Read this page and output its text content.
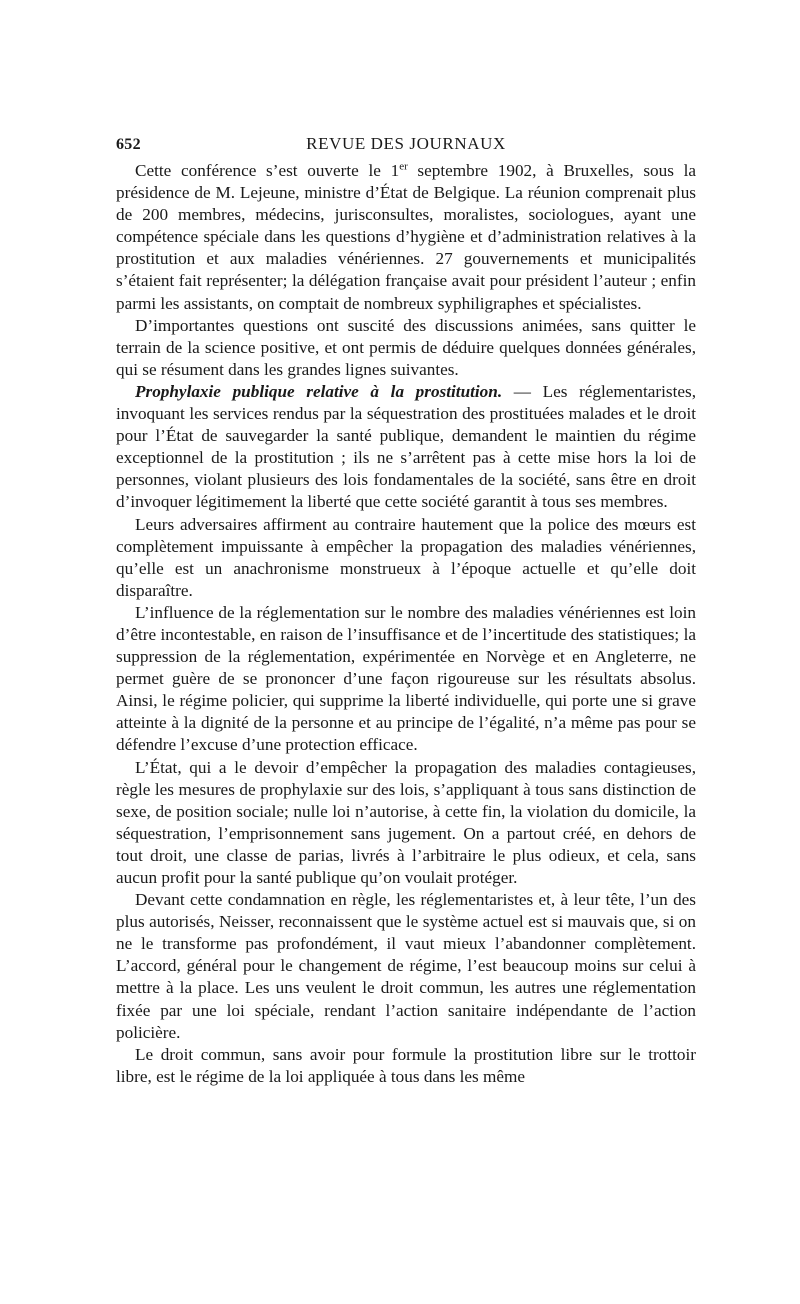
652	REVUE DES JOURNAUX

Cette conférence s’est ouverte le 1er septembre 1902, à Bruxelles, sous la présidence de M. Lejeune, ministre d’État de Belgique. La réunion comprenait plus de 200 membres, médecins, jurisconsultes, moralistes, sociologues, ayant une compétence spéciale dans les questions d’hygiène et d’administration relatives à la prostitution et aux maladies vénériennes. 27 gouvernements et municipalités s’étaient fait représenter; la délégation française avait pour président l’auteur ; enfin parmi les assistants, on comptait de nombreux syphiligraphes et spécialistes.

D’importantes questions ont suscité des discussions animées, sans quitter le terrain de la science positive, et ont permis de déduire quelques données générales, qui se résument dans les grandes lignes suivantes.

Prophylaxie publique relative à la prostitution. — Les réglementaristes, invoquant les services rendus par la séquestration des prostituées malades et le droit pour l’État de sauvegarder la santé publique, demandent le maintien du régime exceptionnel de la prostitution ; ils ne s’arrêtent pas à cette mise hors la loi de personnes, violant plusieurs des lois fondamentales de la société, sans être en droit d’invoquer légitimement la liberté que cette société garantit à tous ses membres.

Leurs adversaires affirment au contraire hautement que la police des mœurs est complètement impuissante à empêcher la propagation des maladies vénériennes, qu’elle est un anachronisme monstrueux à l’époque actuelle et qu’elle doit disparaître.

L’influence de la réglementation sur le nombre des maladies vénériennes est loin d’être incontestable, en raison de l’insuffisance et de l’incertitude des statistiques; la suppression de la réglementation, expérimentée en Norvège et en Angleterre, ne permet guère de se prononcer d’une façon rigoureuse sur les résultats absolus. Ainsi, le régime policier, qui supprime la liberté individuelle, qui porte une si grave atteinte à la dignité de la personne et au principe de l’égalité, n’a même pas pour se défendre l’excuse d’une protection efficace.

L’État, qui a le devoir d’empêcher la propagation des maladies contagieuses, règle les mesures de prophylaxie sur des lois, s’appliquant à tous sans distinction de sexe, de position sociale; nulle loi n’autorise, à cette fin, la violation du domicile, la séquestration, l’emprisonnement sans jugement. On a partout créé, en dehors de tout droit, une classe de parias, livrés à l’arbitraire le plus odieux, et cela, sans aucun profit pour la santé publique qu’on voulait protéger.

Devant cette condamnation en règle, les réglementaristes et, à leur tête, l’un des plus autorisés, Neisser, reconnaissent que le système actuel est si mauvais que, si on ne le transforme pas profondément, il vaut mieux l’abandonner complètement. L’accord, général pour le changement de régime, l’est beaucoup moins sur celui à mettre à la place. Les uns veulent le droit commun, les autres une réglementation fixée par une loi spéciale, rendant l’action sanitaire indépendante de l’action policière.

Le droit commun, sans avoir pour formule la prostitution libre sur le trottoir libre, est le régime de la loi appliquée à tous dans les même
